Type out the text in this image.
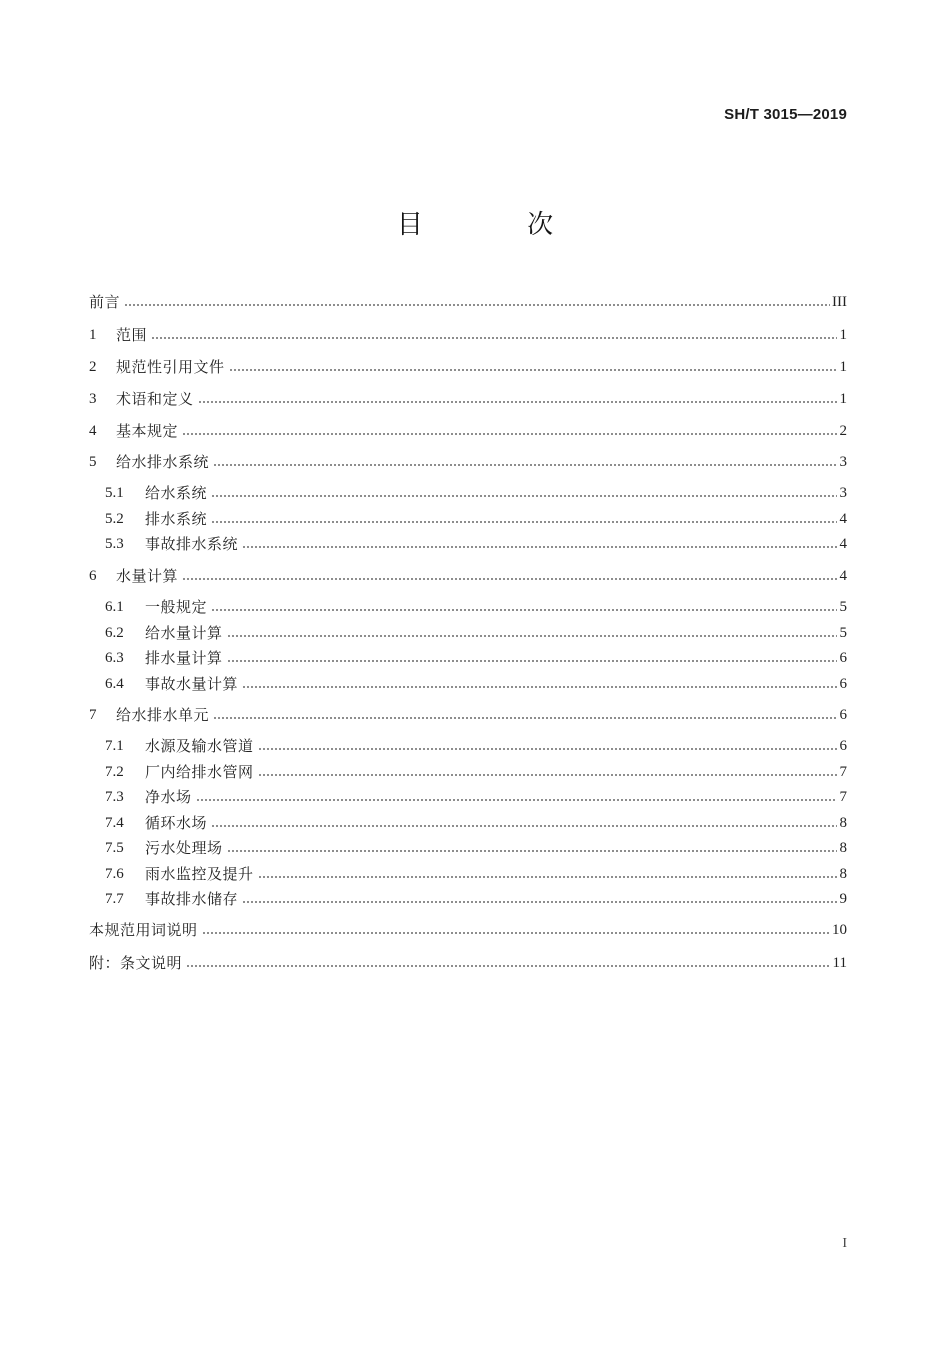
SH/T 3015—2019
目 次
前言	III
1	范围	1
2	规范性引用文件	1
3	术语和定义	1
4	基本规定	2
5	给水排水系统	3
5.1	给水系统	3
5.2	排水系统	4
5.3	事故排水系统	4
6	水量计算	4
6.1	一般规定	5
6.2	给水量计算	5
6.3	排水量计算	6
6.4	事故水量计算	6
7	给水排水单元	6
7.1	水源及输水管道	6
7.2	厂内给排水管网	7
7.3	净水场	7
7.4	循环水场	8
7.5	污水处理场	8
7.6	雨水监控及提升	8
7.7	事故排水储存	9
本规范用词说明	10
附：条文说明	11
I
